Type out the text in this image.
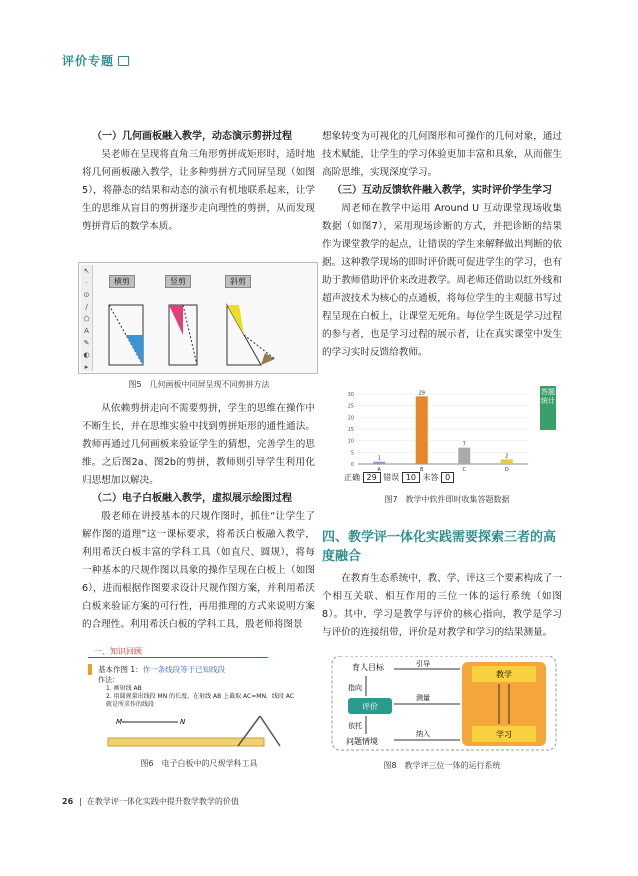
评价专题
（一）几何画板融入教学，动态演示剪拼过程
吴老师在呈现将直角三角形剪拼成矩形时，适时地将几何画板融入教学，让多种剪拼方式同屏呈现（如图5），将静态的结果和动态的演示有机地联系起来，让学生的思维从盲目的剪拼逐步走向理性的剪拼，从而发现剪拼背后的数学本质。
↖
·
⊙
/
⬠
A
✎
◐
▸
横剪	竖剪	斜剪
图5　几何画板中同屏呈现不同剪拼方法
从依赖剪拼走向不需要剪拼，学生的思维在操作中不断生长，并在思维实验中找到剪拼矩形的通性通法。教师再通过几何画板来验证学生的猜想，完善学生的思维。之后图2a、图2b的剪拼，教师则引导学生利用化归思想加以解决。
（二）电子白板融入教学，虚拟展示绘图过程
殷老师在讲授基本的尺规作图时，抓住“让学生了解作图的道理”这一课标要求，将希沃白板融入教学，利用希沃白板丰富的学科工具（如直尺、圆规），将每一种基本的尺规作图以具象的操作呈现在白板上（如图6），进而根据作图要求设计尺规作图方案，并利用希沃白板来验证方案的可行性，再用推理的方式来说明方案的合理性。利用希沃白板的学科工具，殷老师将图景
一、知识回顾
基本作图 1：作一条线段等于已知线段
作法：
1. 画射线 AB
2. 用圆规量出线段 MN 的长度，在射线 AB 上截取 AC=MN，线段 AC 就是所求作的线段
M	N
图6　电子白板中的尺规学科工具
想象转变为可视化的几何图形和可操作的几何对象，通过技术赋能，让学生的学习体验更加丰富和具象，从而催生高阶思维，实现深度学习。
（三）互动反馈软件融入教学，实时评价学生学习
周老师在教学中运用 Around U 互动课堂现场收集数据（如图7），采用现场诊断的方式，并把诊断的结果作为课堂教学的起点，让错误的学生来解释做出判断的依据。这种教学现场的即时评价既可促进学生的学习，也有助于教师借助评价来改进教学。周老师还借助以红外线和超声波技术为核心的点通板，将每位学生的主观臆书写过程呈现在白板上，让课堂无死角。每位学生既是学习过程的参与者，也是学习过程的展示者，让在真实课堂中发生的学习实时反馈给教师。
答题统计
0
5
10
15
20
25
30
1
A
29
B
7
C
2
D
正确 29 错误 10 未答 0
图7　教学中软件即时收集答题数据
四、教学评一体化实践需要探索三者的高度融合
在教育生态系统中，教、学、评这三个要素构成了一个相互关联、相互作用的三位一体的运行系统（如图8）。其中，学习是教学与评价的核心指向，教学是学习与评价的连接纽带，评价是对教学和学习的结果测量。
育人目标	引导
指向
评价
测量
依托
问题情境
纳入
教学
学习
图8　教学评三位一体的运行系统
26 |  在教学评一体化实践中提升数学教学的价值
